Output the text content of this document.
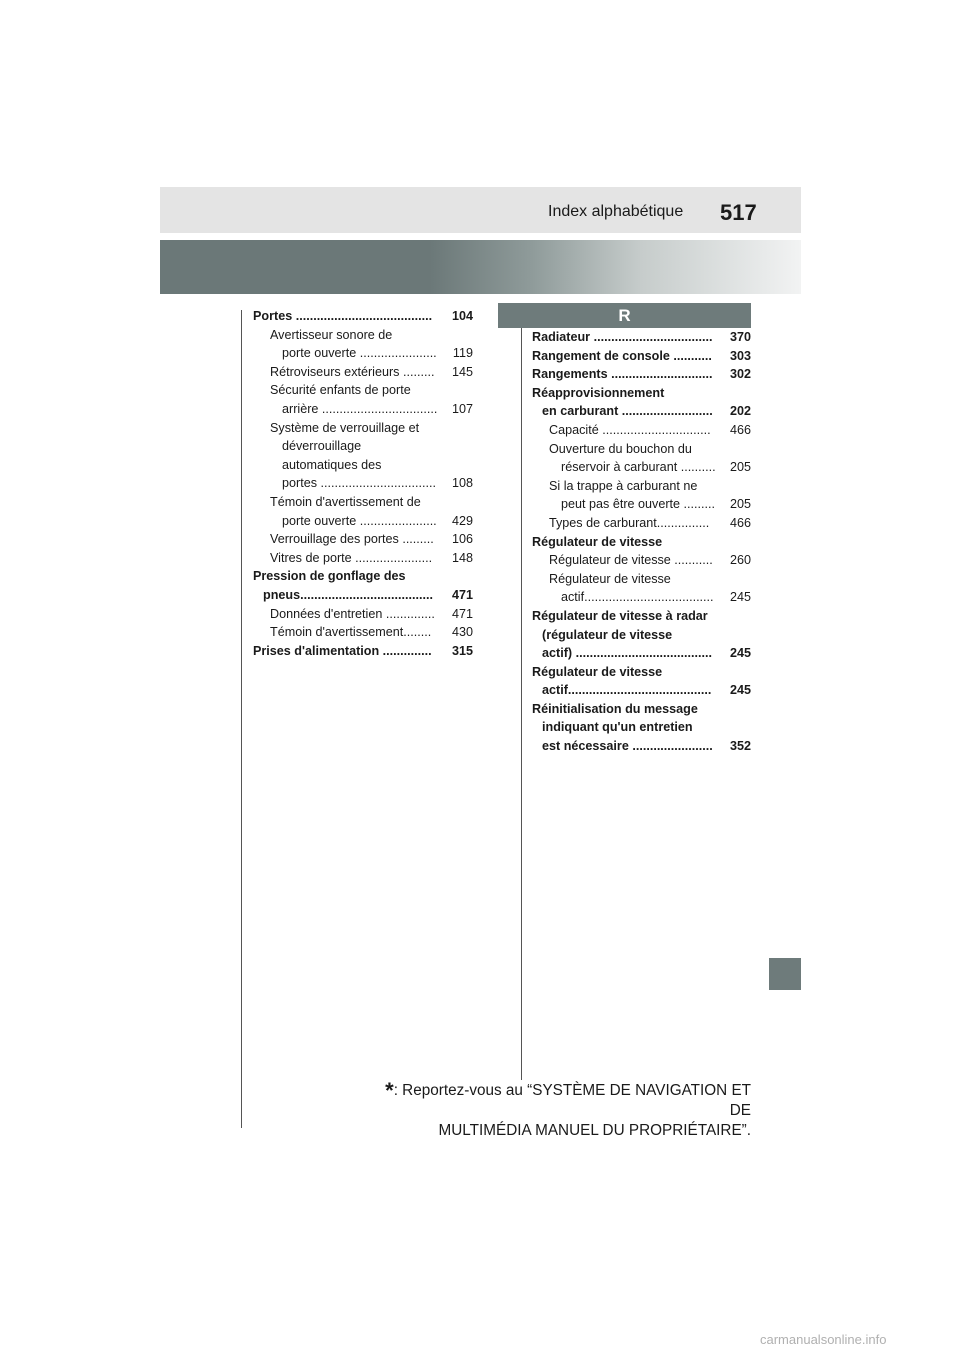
Index alphabétique 517
R
Portes ....................................... 104
Avertisseur sonore de
porte ouverte ...................... 119
Rétroviseurs extérieurs ......... 145
Sécurité enfants de porte
arrière ................................. 107
Système de verrouillage et
déverrouillage
automatiques des
portes ................................. 108
Témoin d'avertissement de
porte ouverte ...................... 429
Verrouillage des portes ......... 106
Vitres de porte ...................... 148
Pression de gonflage des
pneus...................................... 471
Données d'entretien .............. 471
Témoin d'avertissement........ 430
Prises d'alimentation .............. 315
Radiateur .................................. 370
Rangement de console ........... 303
Rangements ............................. 302
Réapprovisionnement
en carburant .......................... 202
Capacité ............................... 466
Ouverture du bouchon du
réservoir à carburant .......... 205
Si la trappe à carburant ne
peut pas être ouverte ......... 205
Types de carburant............... 466
Régulateur de vitesse
Régulateur de vitesse ........... 260
Régulateur de vitesse
actif..................................... 245
Régulateur de vitesse à radar
(régulateur de vitesse
actif) ....................................... 245
Régulateur de vitesse
actif......................................... 245
Réinitialisation du message
indiquant qu'un entretien
est nécessaire ....................... 352
*: Reportez-vous au “SYSTÈME DE NAVIGATION ET DE
MULTIMÉDIA MANUEL DU PROPRIÉTAIRE”.
carmanualsonline.info
